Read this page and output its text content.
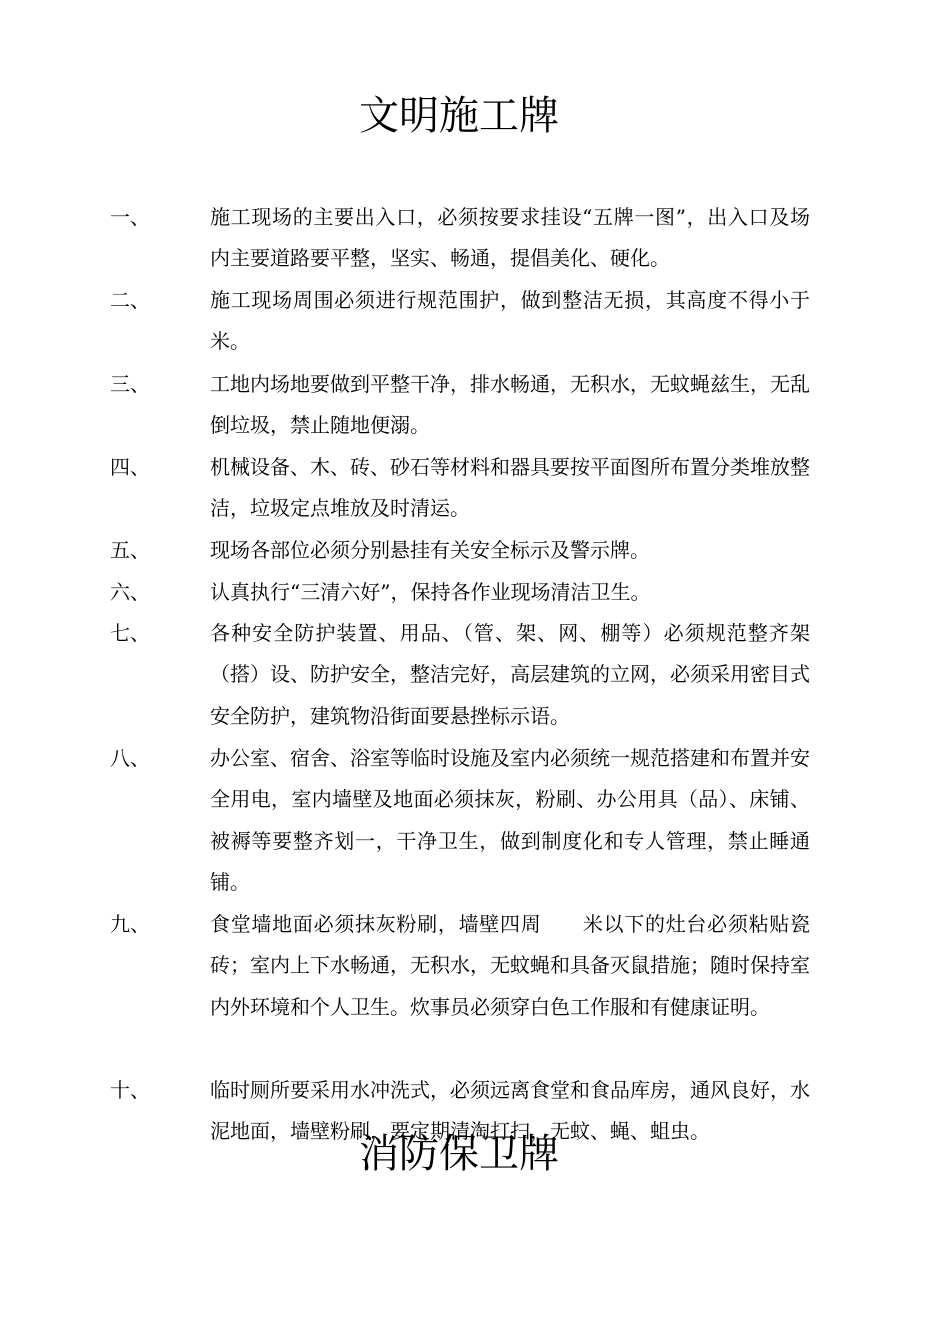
文明施工牌
一、	施工现场的主要出入口，必须按要求挂设“五牌一图”，出入口及场内主要道路要平整，坚实、畅通，提倡美化、硬化。
二、	施工现场周围必须进行规范围护，做到整洁无损，其高度不得小于　　米。
三、	工地内场地要做到平整干净，排水畅通，无积水，无蚊蝇兹生，无乱倒垃圾，禁止随地便溺。
四、	机械设备、木、砖、砂石等材料和器具要按平面图所布置分类堆放整洁，垃圾定点堆放及时清运。
五、	现场各部位必须分别悬挂有关安全标示及警示牌。
六、	认真执行“三清六好”，保持各作业现场清洁卫生。
七、	各种安全防护装置、用品、（管、架、网、棚等）必须规范整齐架（搭）设、防护安全，整洁完好，高层建筑的立网，必须采用密目式安全防护，建筑物沿街面要悬挫标示语。
八、	办公室、宿舍、浴室等临时设施及室内必须统一规范搭建和布置并安全用电，室内墙壁及地面必须抹灰，粉刷、办公用具（品）、床铺、被褥等要整齐划一，干净卫生，做到制度化和专人管理，禁止睡通铺。
九、	食堂墙地面必须抹灰粉刷，墙壁四周　　米以下的灶台必须粘贴瓷砖；室内上下水畅通，无积水，无蚊蝇和具备灭鼠措施；随时保持室内外环境和个人卫生。炊事员必须穿白色工作服和有健康证明。
十、	临时厕所要采用水冲洗式，必须远离食堂和食品库房，通风良好，水泥地面，墙壁粉刷，要定期清淘打扫，无蚊、蝇、蛆虫。
消防保卫牌
